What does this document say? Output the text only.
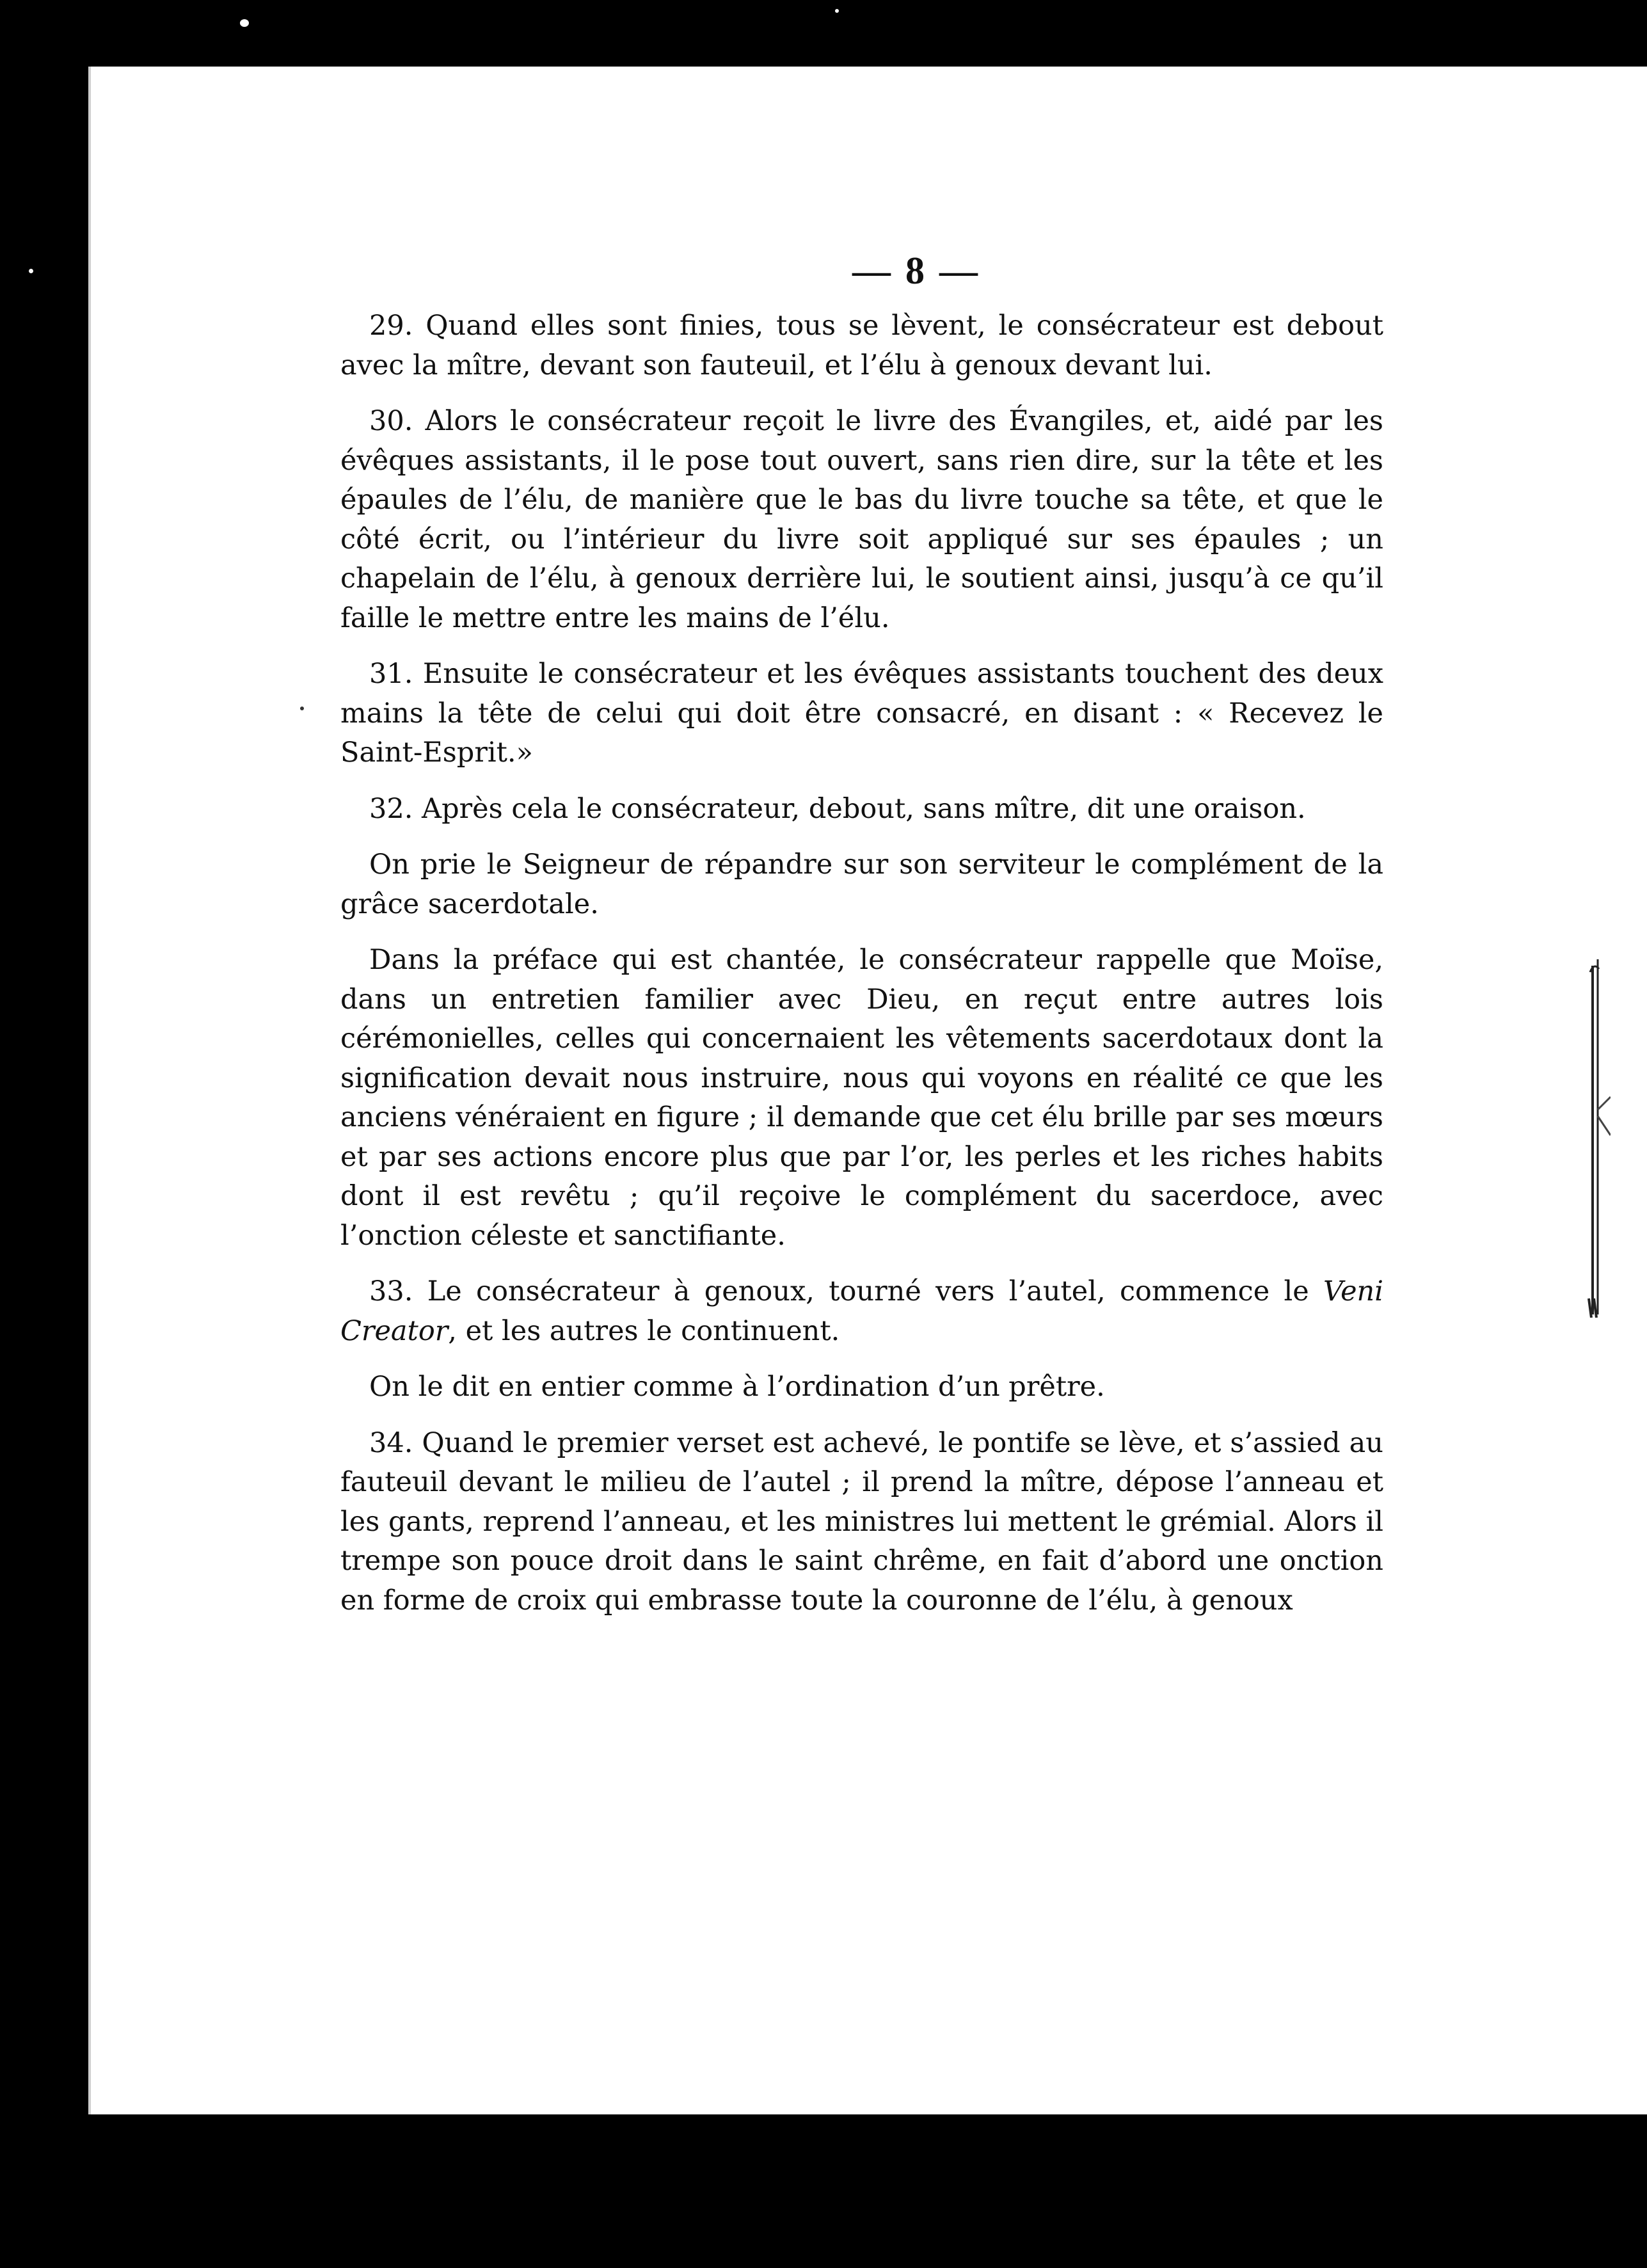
— 8 —

29. Quand elles sont finies, tous se lèvent, le consécrateur est debout avec la mître, devant son fauteuil, et l’élu à genoux devant lui.

30. Alors le consécrateur reçoit le livre des Évangiles, et, aidé par les évêques assistants, il le pose tout ouvert, sans rien dire, sur la tête et les épaules de l’élu, de manière que le bas du livre touche sa tête, et que le côté écrit, ou l’intérieur du livre soit appliqué sur ses épaules ; un chapelain de l’élu, à genoux derrière lui, le soutient ainsi, jusqu’à ce qu’il faille le mettre entre les mains de l’élu.

31. Ensuite le consécrateur et les évêques assistants touchent des deux mains la tête de celui qui doit être consacré, en disant : « Recevez le Saint-Esprit.»

32. Après cela le consécrateur, debout, sans mître, dit une oraison.

On prie le Seigneur de répandre sur son serviteur le complément de la grâce sacerdotale.

Dans la préface qui est chantée, le consécrateur rappelle que Moïse, dans un entretien familier avec Dieu, en reçut entre autres lois cérémonielles, celles qui concernaient les vêtements sacerdotaux dont la signification devait nous instruire, nous qui voyons en réalité ce que les anciens vénéraient en figure ; il demande que cet élu brille par ses mœurs et par ses actions encore plus que par l’or, les perles et les riches habits dont il est revêtu ; qu’il reçoive le complément du sacerdoce, avec l’onction céleste et sanctifiante.

33. Le consécrateur à genoux, tourné vers l’autel, commence le Veni Creator, et les autres le continuent.

On le dit en entier comme à l’ordination d’un prêtre.

34. Quand le premier verset est achevé, le pontife se lève, et s’assied au fauteuil devant le milieu de l’autel ; il prend la mître, dépose l’anneau et les gants, reprend l’anneau, et les ministres lui mettent le grémial. Alors il trempe son pouce droit dans le saint chrême, en fait d’abord une onction en forme de croix qui embrasse toute la couronne de l’élu, à genoux
